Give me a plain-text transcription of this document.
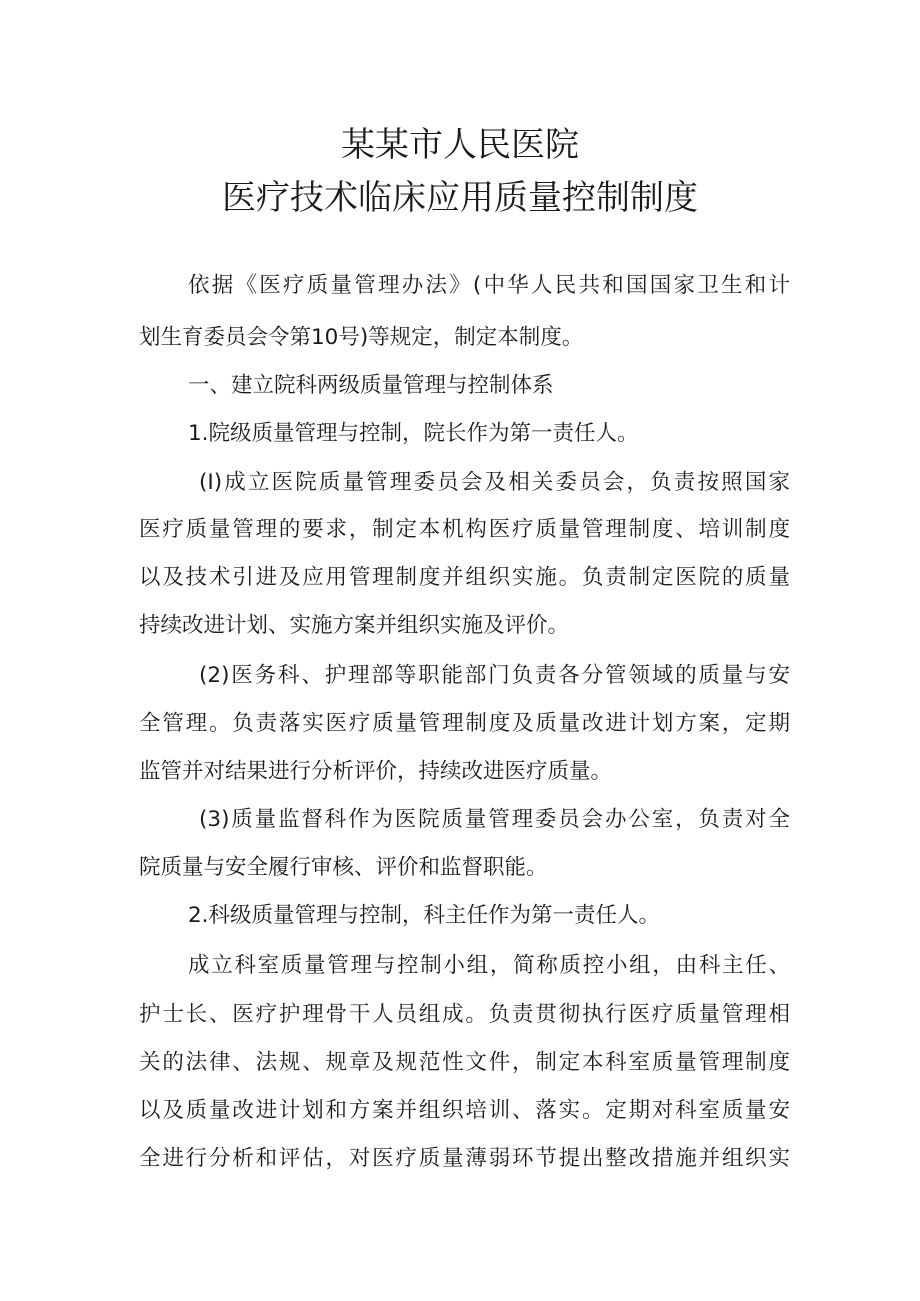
某某市人民医院
医疗技术临床应用质量控制制度
依据《医疗质量管理办法》(中华人民共和国国家卫生和计
划生育委员会令第10号)等规定，制定本制度。
一、建立院科两级质量管理与控制体系
1.院级质量管理与控制，院长作为第一责任人。
(I)成立医院质量管理委员会及相关委员会，负责按照国家
医疗质量管理的要求，制定本机构医疗质量管理制度、培训制度
以及技术引进及应用管理制度并组织实施。负责制定医院的质量
持续改进计划、实施方案并组织实施及评价。
(2)医务科、护理部等职能部门负责各分管领域的质量与安
全管理。负责落实医疗质量管理制度及质量改进计划方案，定期
监管并对结果进行分析评价，持续改进医疗质量。
(3)质量监督科作为医院质量管理委员会办公室，负责对全
院质量与安全履行审核、评价和监督职能。
2.科级质量管理与控制，科主任作为第一责任人。
成立科室质量管理与控制小组，简称质控小组，由科主任、
护士长、医疗护理骨干人员组成。负责贯彻执行医疗质量管理相
关的法律、法规、规章及规范性文件，制定本科室质量管理制度
以及质量改进计划和方案并组织培训、落实。定期对科室质量安
全进行分析和评估，对医疗质量薄弱环节提出整改措施并组织实
